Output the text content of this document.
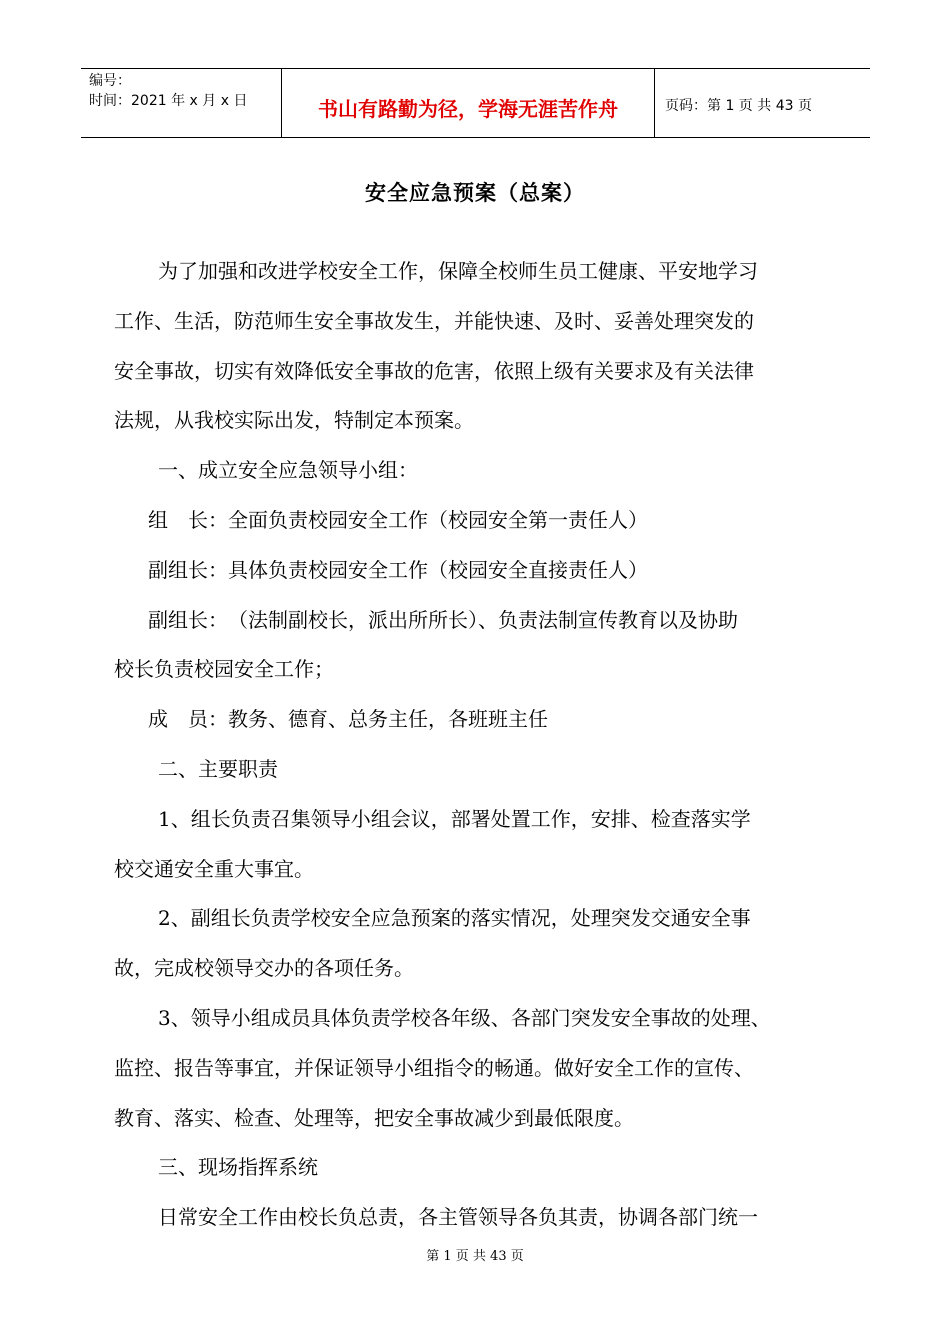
编号：
时间：2021 年 x 月 x 日	书山有路勤为径，学海无涯苦作舟	页码：第 1 页 共 43 页
安全应急预案（总案）

为了加强和改进学校安全工作，保障全校师生员工健康、平安地学习

工作、生活，防范师生安全事故发生，并能快速、及时、妥善处理突发的

安全事故，切实有效降低安全事故的危害，依照上级有关要求及有关法律

法规，从我校实际出发，特制定本预案。

一、成立安全应急领导小组：

组　长：全面负责校园安全工作（校园安全第一责任人）

副组长：具体负责校园安全工作（校园安全直接责任人）

副组长：　（法制副校长，派出所所长）、负责法制宣传教育以及协助

校长负责校园安全工作；

成　员：教务、德育、总务主任，各班班主任

二、主要职责

1、组长负责召集领导小组会议，部署处置工作，安排、检查落实学

校交通安全重大事宜。

2、副组长负责学校安全应急预案的落实情况，处理突发交通安全事

故，完成校领导交办的各项任务。

3、领导小组成员具体负责学校各年级、各部门突发安全事故的处理、

监控、报告等事宜，并保证领导小组指令的畅通。做好安全工作的宣传、

教育、落实、检查、处理等，把安全事故减少到最低限度。

三、现场指挥系统

日常安全工作由校长负总责，各主管领导各负其责，协调各部门统一

第 1 页 共 43 页
